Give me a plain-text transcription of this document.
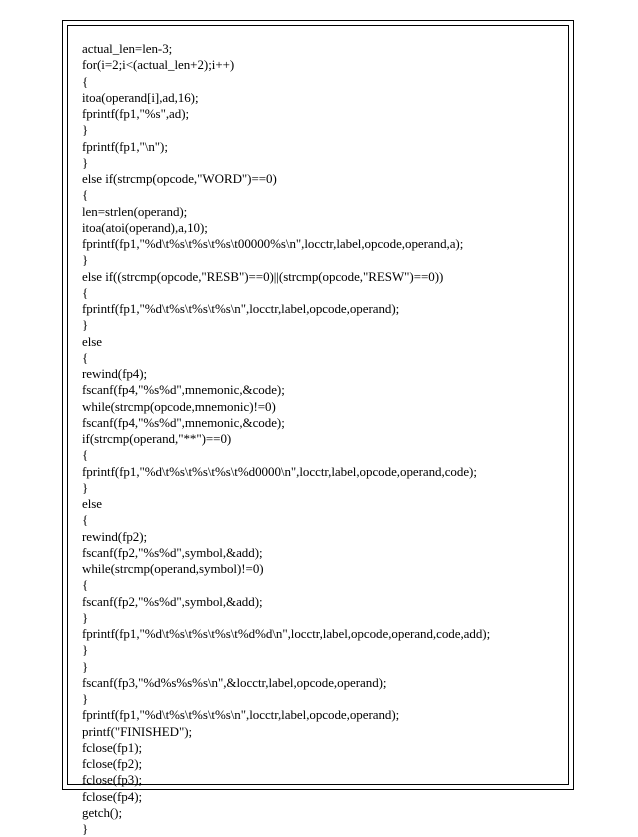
actual_len=len-3;
for(i=2;i<(actual_len+2);i++)
{
itoa(operand[i],ad,16);
fprintf(fp1,"%s",ad);
}
fprintf(fp1,"\n");
}
else if(strcmp(opcode,"WORD")==0)
{
len=strlen(operand);
itoa(atoi(operand),a,10);
fprintf(fp1,"%d\t%s\t%s\t%s\t00000%s\n",locctr,label,opcode,operand,a);
}
else if((strcmp(opcode,"RESB")==0)||(strcmp(opcode,"RESW")==0))
{
fprintf(fp1,"%d\t%s\t%s\t%s\n",locctr,label,opcode,operand);
}
else
{
rewind(fp4);
fscanf(fp4,"%s%d",mnemonic,&code);
while(strcmp(opcode,mnemonic)!=0)
fscanf(fp4,"%s%d",mnemonic,&code);
if(strcmp(operand,"**")==0)
{
fprintf(fp1,"%d\t%s\t%s\t%s\t%d0000\n",locctr,label,opcode,operand,code);
}
else
{
rewind(fp2);
fscanf(fp2,"%s%d",symbol,&add);
while(strcmp(operand,symbol)!=0)
{
fscanf(fp2,"%s%d",symbol,&add);
}
fprintf(fp1,"%d\t%s\t%s\t%s\t%d%d\n",locctr,label,opcode,operand,code,add);
}
}
fscanf(fp3,"%d%s%s%s\n",&locctr,label,opcode,operand);
}
fprintf(fp1,"%d\t%s\t%s\t%s\n",locctr,label,opcode,operand);
printf("FINISHED");
fclose(fp1);
fclose(fp2);
fclose(fp3);
fclose(fp4);
getch();
}
